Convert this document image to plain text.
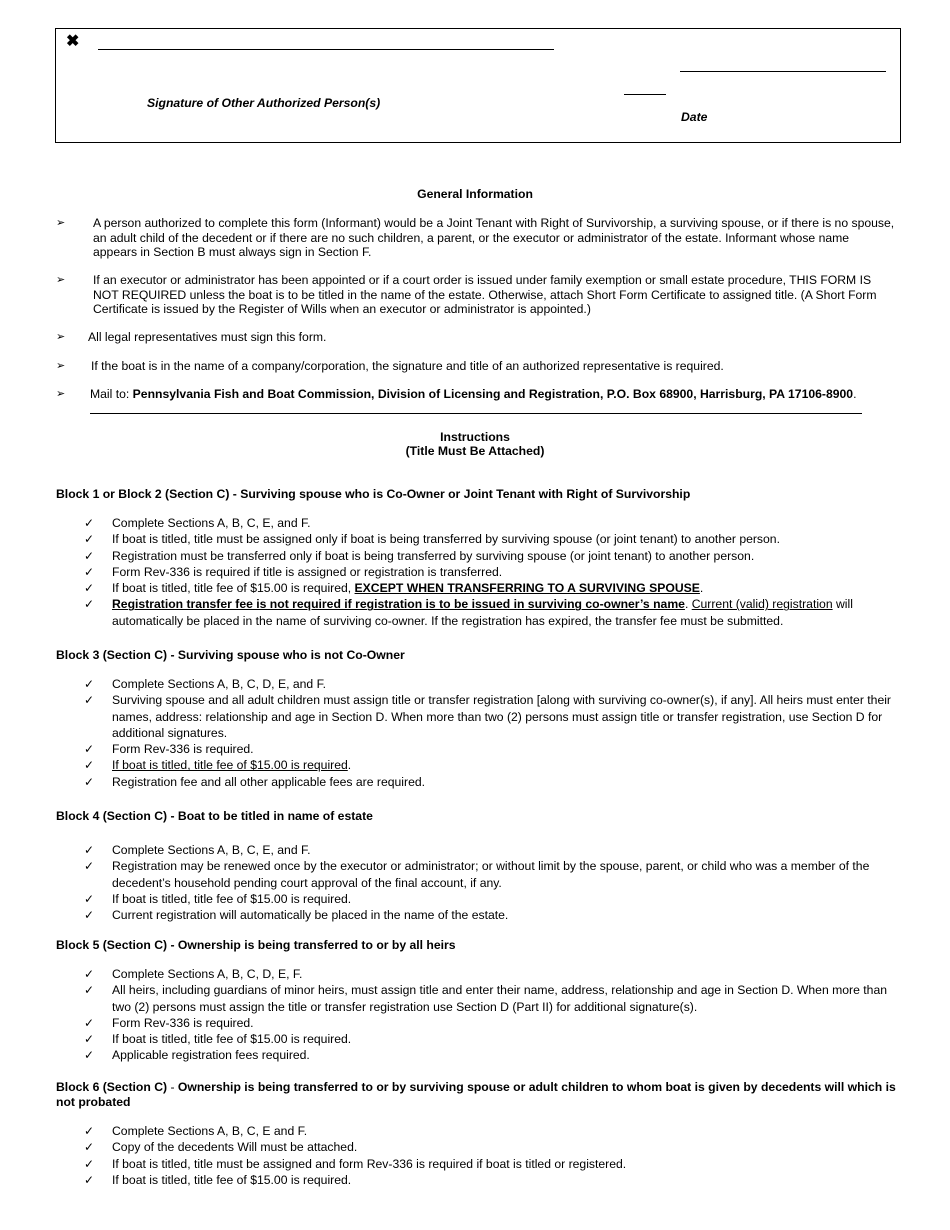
✖
Signature of Other Authorized Person(s)
Date
General Information
➢ A person authorized to complete this form (Informant) would be a Joint Tenant with Right of Survivorship, a surviving spouse, or if there is no spouse, an adult child of the decedent or if there are no such children, a parent, or the executor or administrator of the estate. Informant whose name appears in Section B must always sign in Section F.
➢ If an executor or administrator has been appointed or if a court order is issued under family exemption or small estate procedure, THIS FORM IS NOT REQUIRED unless the boat is to be titled in the name of the estate. Otherwise, attach Short Form Certificate to assigned title. (A Short Form Certificate is issued by the Register of Wills when an executor or administrator is appointed.)
➢ All legal representatives must sign this form.
➢ If the boat is in the name of a company/corporation, the signature and title of an authorized representative is required.
➢ Mail to: Pennsylvania Fish and Boat Commission, Division of Licensing and Registration, P.O. Box 68900, Harrisburg, PA 17106-8900.
Instructions
(Title Must Be Attached)
Block 1 or Block 2 (Section C) - Surviving spouse who is Co-Owner or Joint Tenant with Right of Survivorship
✓ Complete Sections A, B, C, E, and F.
✓ If boat is titled, title must be assigned only if boat is being transferred by surviving spouse (or joint tenant) to another person.
✓ Registration must be transferred only if boat is being transferred by surviving spouse (or joint tenant) to another person.
✓ Form Rev-336 is required if title is assigned or registration is transferred.
✓ If boat is titled, title fee of $15.00 is required, EXCEPT WHEN TRANSFERRING TO A SURVIVING SPOUSE.
✓ Registration transfer fee is not required if registration is to be issued in surviving co-owner’s name. Current (valid) registration will automatically be placed in the name of surviving co-owner. If the registration has expired, the transfer fee must be submitted.
Block 3 (Section C) - Surviving spouse who is not Co-Owner
✓ Complete Sections A, B, C, D, E, and F.
✓ Surviving spouse and all adult children must assign title or transfer registration [along with surviving co-owner(s), if any]. All heirs must enter their names, address: relationship and age in Section D. When more than two (2) persons must assign title or transfer registration, use Section D for additional signatures.
✓ Form Rev-336 is required.
✓ If boat is titled, title fee of $15.00 is required.
✓ Registration fee and all other applicable fees are required.
Block 4 (Section C) - Boat to be titled in name of estate
✓ Complete Sections A, B, C, E, and F.
✓ Registration may be renewed once by the executor or administrator; or without limit by the spouse, parent, or child who was a member of the decedent’s household pending court approval of the final account, if any.
✓ If boat is titled, title fee of $15.00 is required.
✓ Current registration will automatically be placed in the name of the estate.
Block 5 (Section C) - Ownership is being transferred to or by all heirs
✓ Complete Sections A, B, C, D, E, F.
✓ All heirs, including guardians of minor heirs, must assign title and enter their name, address, relationship and age in Section D. When more than two (2) persons must assign the title or transfer registration use Section D (Part II) for additional signature(s).
✓ Form Rev-336 is required.
✓ If boat is titled, title fee of $15.00 is required.
✓ Applicable registration fees required.
Block 6 (Section C) - Ownership is being transferred to or by surviving spouse or adult children to whom boat is given by decedents will which is not probated
✓ Complete Sections A, B, C, E and F.
✓ Copy of the decedents Will must be attached.
✓ If boat is titled, title must be assigned and form Rev-336 is required if boat is titled or registered.
✓ If boat is titled, title fee of $15.00 is required.
